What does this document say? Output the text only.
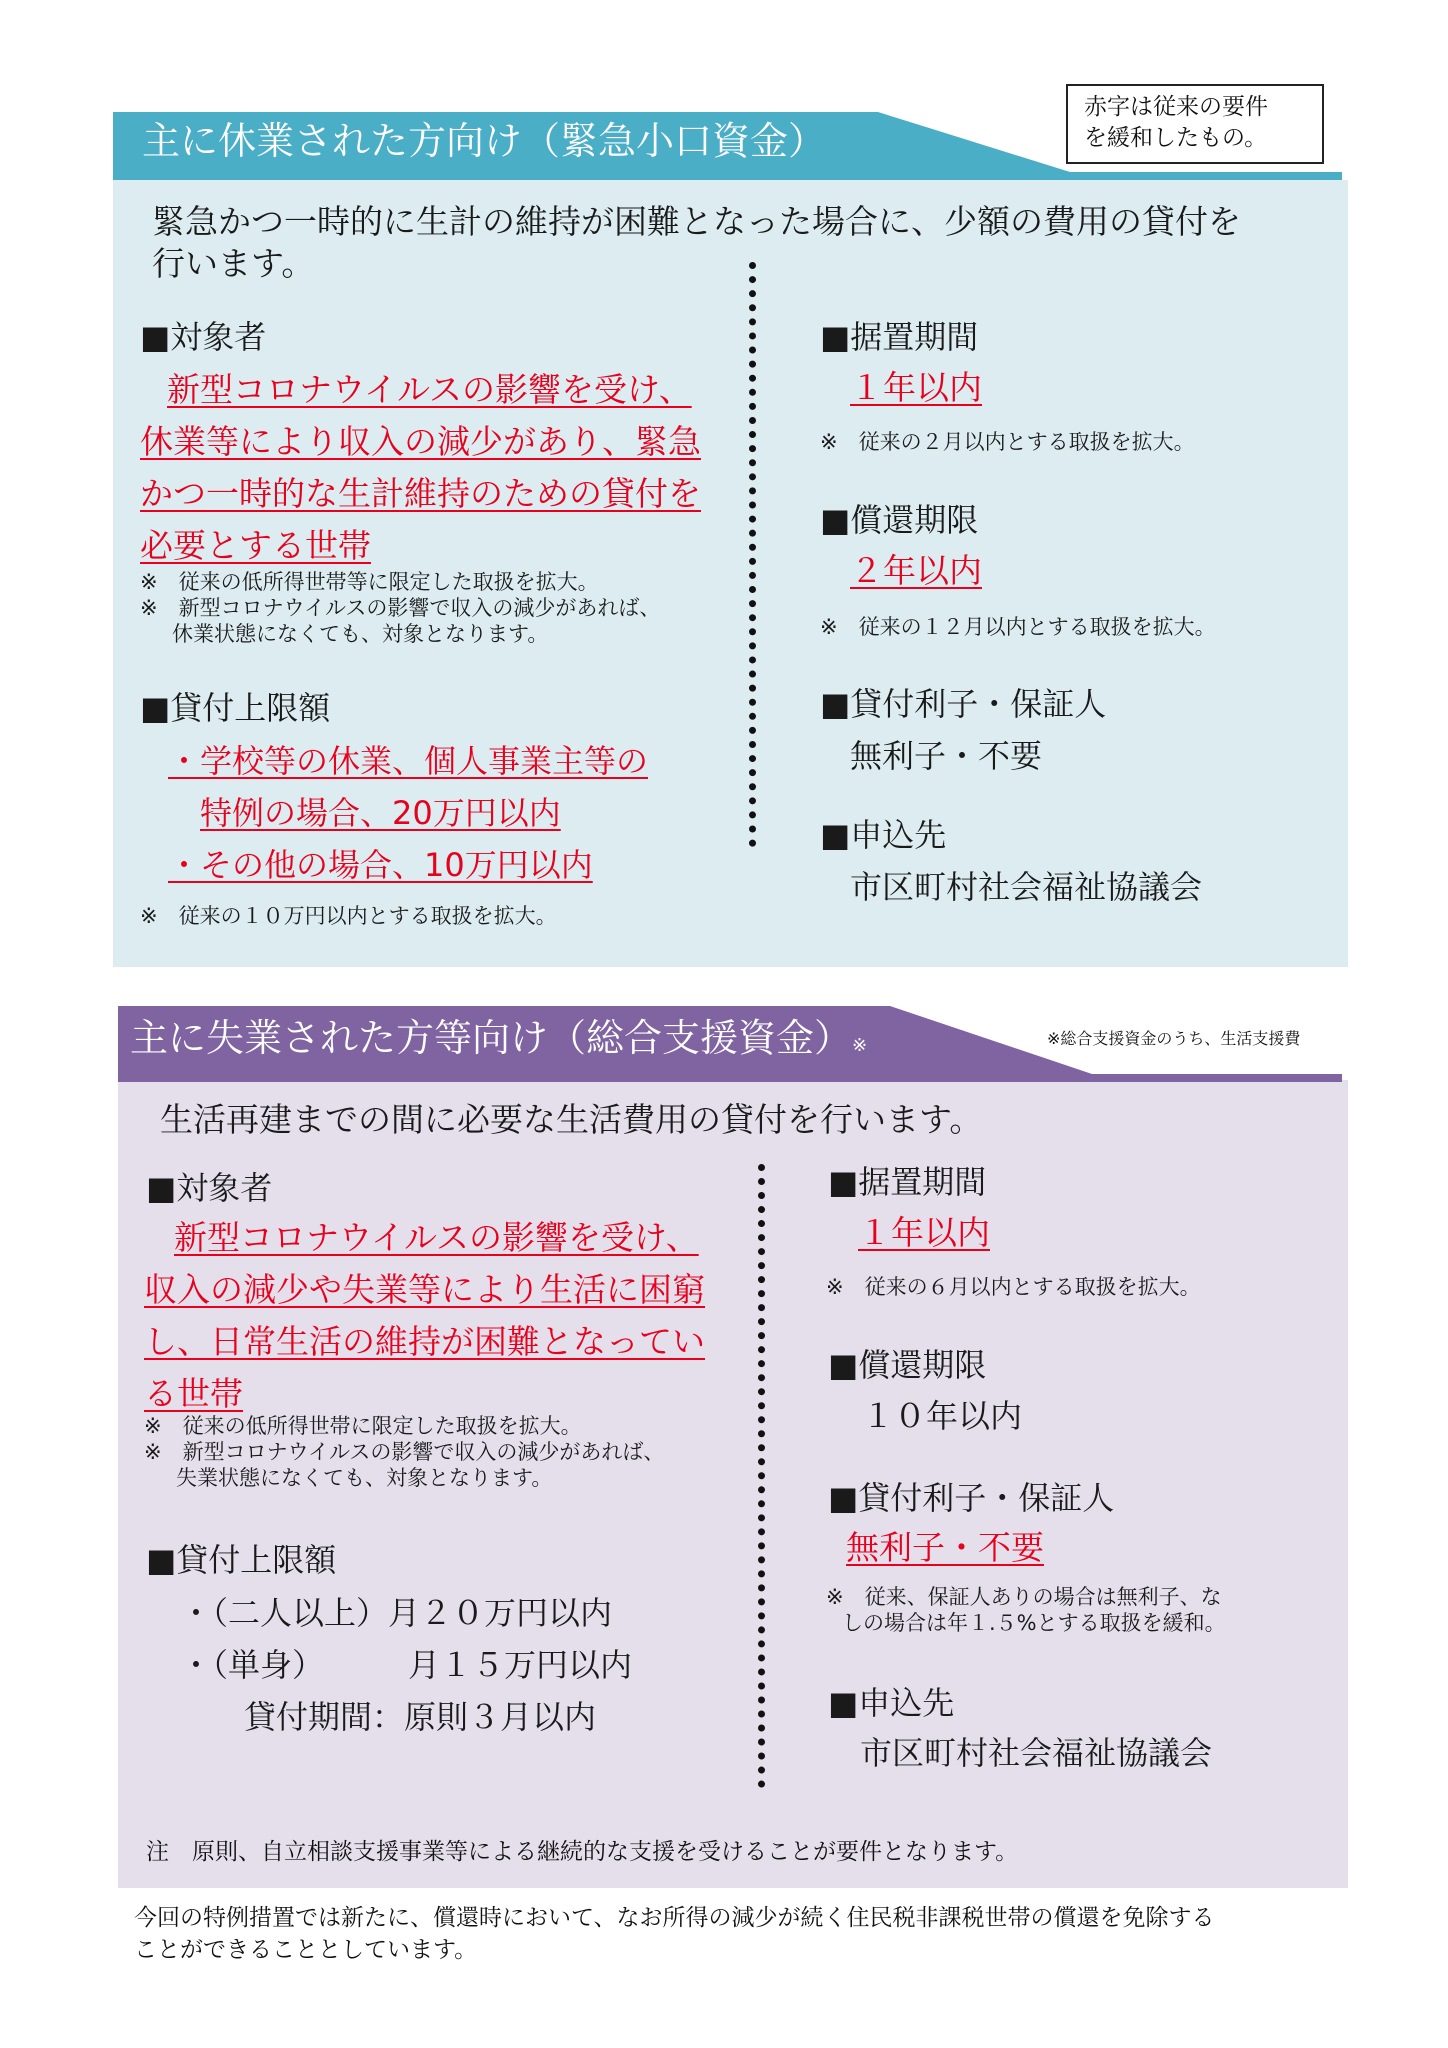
赤字は従来の要件
を緩和したもの。
主に休業された方向け（緊急小口資金）
緊急かつ一時的に生計の維持が困難となった場合に、少額の費用の貸付を
行います。
■対象者
新型コロナウイルスの影響を受け、
休業等により収入の減少があり、緊急
かつ一時的な生計維持のための貸付を
必要とする世帯
※　従来の低所得世帯等に限定した取扱を拡大。
※　新型コロナウイルスの影響で収入の減少があれば、
休業状態になくても、対象となります。
■貸付上限額
・学校等の休業、個人事業主等の
特例の場合、20万円以内
・その他の場合、10万円以内
※　従来の１０万円以内とする取扱を拡大。
■据置期間
１年以内
※　従来の２月以内とする取扱を拡大。
■償還期限
２年以内
※　従来の１２月以内とする取扱を拡大。
■貸付利子・保証人
無利子・不要
■申込先
市区町村社会福祉協議会
主に失業された方等向け（総合支援資金）※	※総合支援資金のうち、生活支援費
生活再建までの間に必要な生活費用の貸付を行います。
■対象者
新型コロナウイルスの影響を受け、
収入の減少や失業等により生活に困窮
し、日常生活の維持が困難となってい
る世帯
※　従来の低所得世帯に限定した取扱を拡大。
※　新型コロナウイルスの影響で収入の減少があれば、
失業状態になくても、対象となります。
■貸付上限額
・（二人以上）月２０万円以内
・（単身）	月１５万円以内
貸付期間：原則３月以内
■据置期間
１年以内
※　従来の６月以内とする取扱を拡大。
■償還期限
１０年以内
■貸付利子・保証人
無利子・不要
※　従来、保証人ありの場合は無利子、な
しの場合は年１.５%とする取扱を緩和。
■申込先
市区町村社会福祉協議会
注　原則、自立相談支援事業等による継続的な支援を受けることが要件となります。
今回の特例措置では新たに、償還時において、なお所得の減少が続く住民税非課税世帯の償還を免除する
ことができることとしています。
